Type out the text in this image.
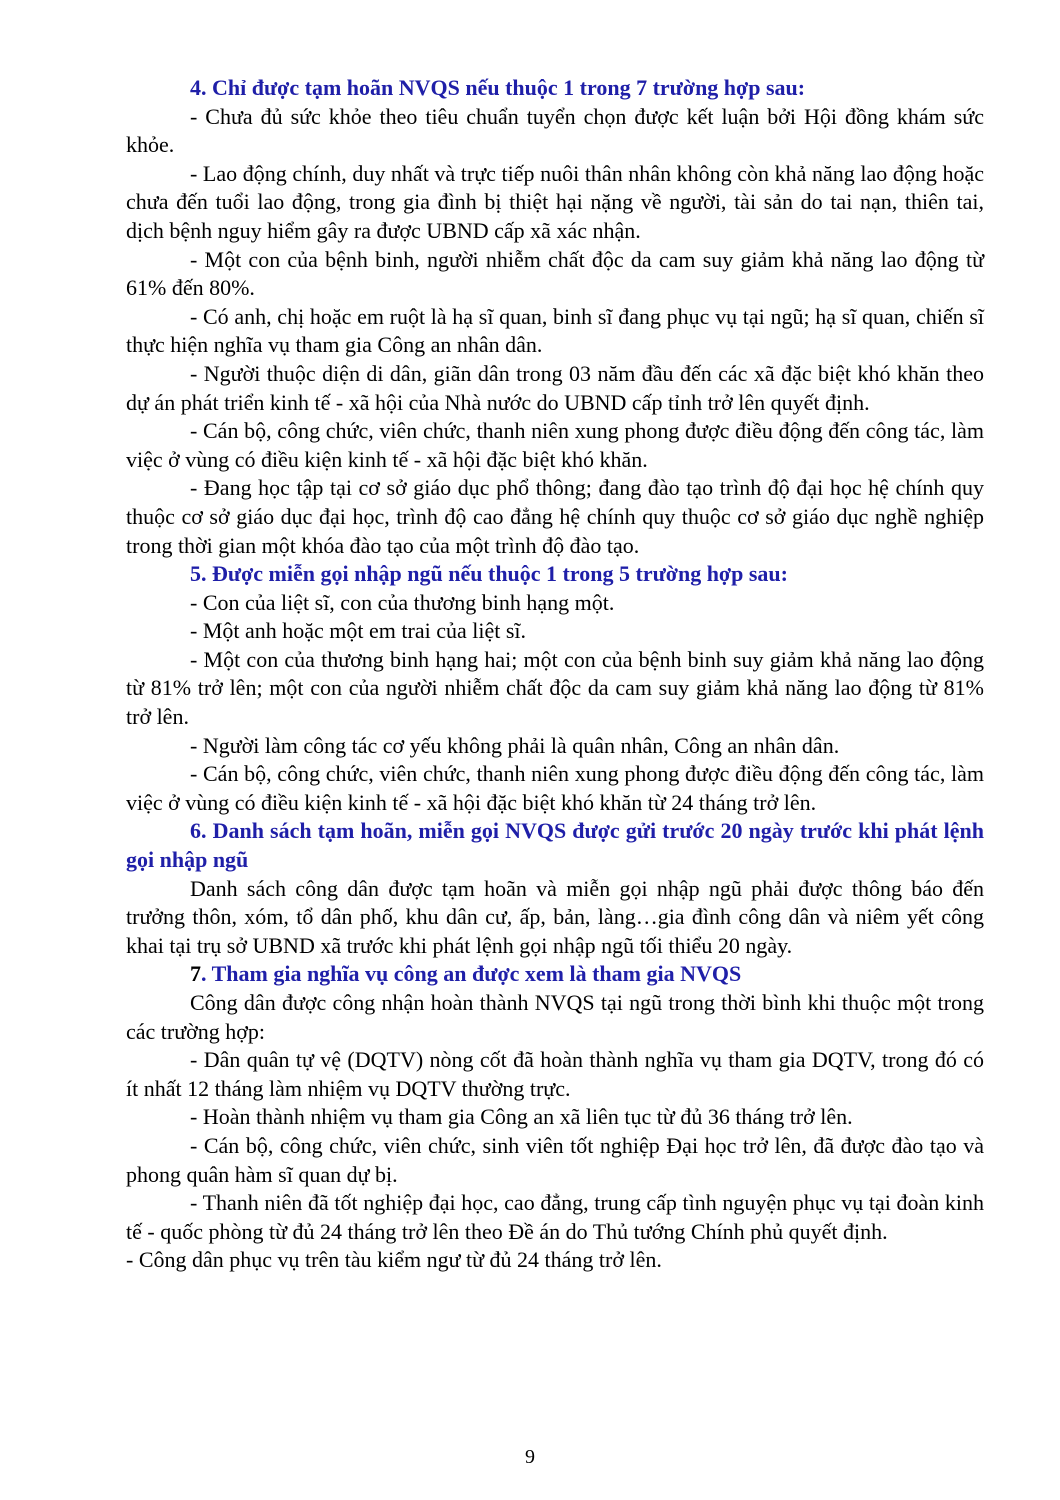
4. Chỉ được tạm hoãn NVQS nếu thuộc 1 trong 7 trường hợp sau:

- Chưa đủ sức khỏe theo tiêu chuẩn tuyển chọn được kết luận bởi Hội đồng khám sức khỏe.

- Lao động chính, duy nhất và trực tiếp nuôi thân nhân không còn khả năng lao động hoặc chưa đến tuổi lao động, trong gia đình bị thiệt hại nặng về người, tài sản do tai nạn, thiên tai, dịch bệnh nguy hiểm gây ra được UBND cấp xã xác nhận.

- Một con của bệnh binh, người nhiễm chất độc da cam suy giảm khả năng lao động từ 61% đến 80%.

- Có anh, chị hoặc em ruột là hạ sĩ quan, binh sĩ đang phục vụ tại ngũ; hạ sĩ quan, chiến sĩ thực hiện nghĩa vụ tham gia Công an nhân dân.

- Người thuộc diện di dân, giãn dân trong 03 năm đầu đến các xã đặc biệt khó khăn theo dự án phát triển kinh tế - xã hội của Nhà nước do UBND cấp tỉnh trở lên quyết định.

- Cán bộ, công chức, viên chức, thanh niên xung phong được điều động đến công tác, làm việc ở vùng có điều kiện kinh tế - xã hội đặc biệt khó khăn.

- Đang học tập tại cơ sở giáo dục phổ thông; đang đào tạo trình độ đại học hệ chính quy thuộc cơ sở giáo dục đại học, trình độ cao đẳng hệ chính quy thuộc cơ sở giáo dục nghề nghiệp trong thời gian một khóa đào tạo của một trình độ đào tạo.

5. Được miễn gọi nhập ngũ nếu thuộc 1 trong 5 trường hợp sau:

- Con của liệt sĩ, con của thương binh hạng một.

- Một anh hoặc một em trai của liệt sĩ.

- Một con của thương binh hạng hai; một con của bệnh binh suy giảm khả năng lao động từ 81% trở lên; một con của người nhiễm chất độc da cam suy giảm khả năng lao động từ 81% trở lên.

- Người làm công tác cơ yếu không phải là quân nhân, Công an nhân dân.

- Cán bộ, công chức, viên chức, thanh niên xung phong được điều động đến công tác, làm việc ở vùng có điều kiện kinh tế - xã hội đặc biệt khó khăn từ 24 tháng trở lên.

6. Danh sách tạm hoãn, miễn gọi NVQS được gửi trước 20 ngày trước khi phát lệnh gọi nhập ngũ

Danh sách công dân được tạm hoãn và miễn gọi nhập ngũ phải được thông báo đến trưởng thôn, xóm, tổ dân phố, khu dân cư, ấp, bản, làng…gia đình công dân và niêm yết công khai tại trụ sở UBND xã trước khi phát lệnh gọi nhập ngũ tối thiểu 20 ngày.

7. Tham gia nghĩa vụ công an được xem là tham gia NVQS

Công dân được công nhận hoàn thành NVQS tại ngũ trong thời bình khi thuộc một trong các trường hợp:

- Dân quân tự vệ (DQTV) nòng cốt đã hoàn thành nghĩa vụ tham gia DQTV, trong đó có ít nhất 12 tháng làm nhiệm vụ DQTV thường trực.

- Hoàn thành nhiệm vụ tham gia Công an xã liên tục từ đủ 36 tháng trở lên.

- Cán bộ, công chức, viên chức, sinh viên tốt nghiệp Đại học trở lên, đã được đào tạo và phong quân hàm sĩ quan dự bị.

- Thanh niên đã tốt nghiệp đại học, cao đẳng, trung cấp tình nguyện phục vụ tại đoàn kinh tế - quốc phòng từ đủ 24 tháng trở lên theo Đề án do Thủ tướng Chính phủ quyết định.

- Công dân phục vụ trên tàu kiểm ngư từ đủ 24 tháng trở lên.

9
